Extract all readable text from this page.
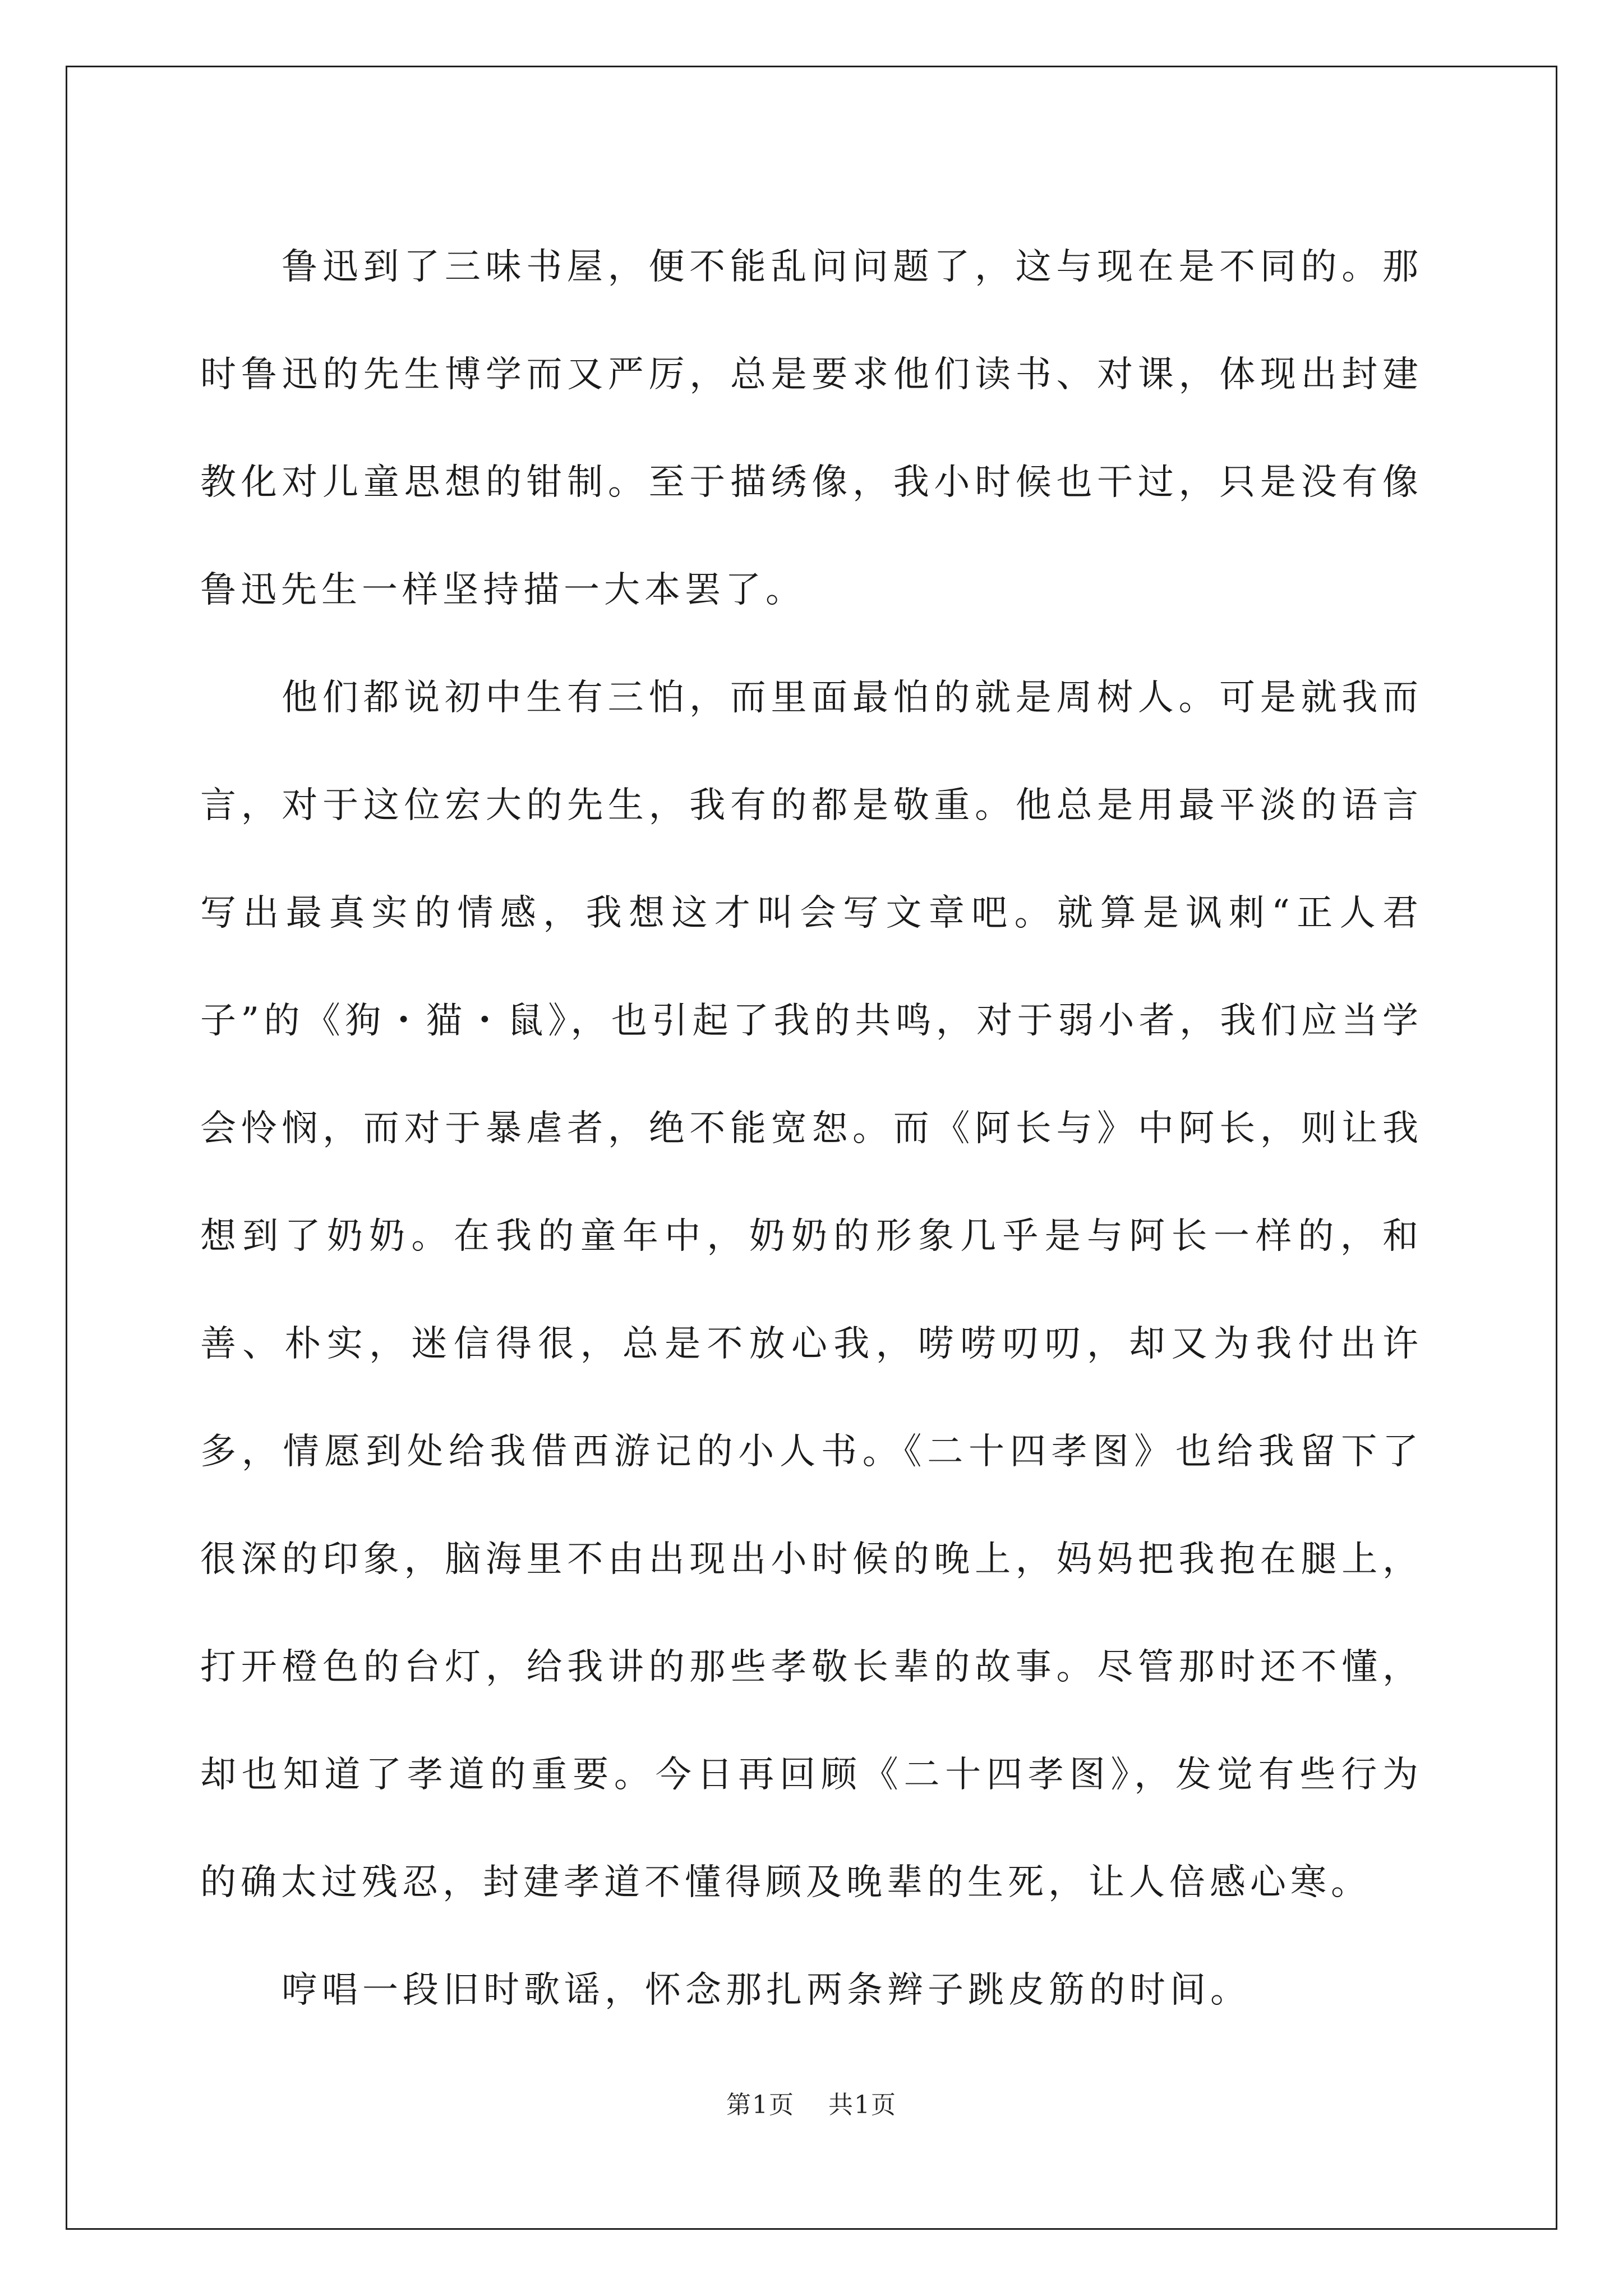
鲁迅到了三味书屋，便不能乱问问题了，这与现在是不同的。那时鲁迅的先生博学而又严厉，总是要求他们读书、对课，体现出封建教化对儿童思想的钳制。至于描绣像，我小时候也干过，只是没有像鲁迅先生一样坚持描一大本罢了。

他们都说初中生有三怕，而里面最怕的就是周树人。可是就我而言，对于这位宏大的先生，我有的都是敬重。他总是用最平淡的语言写出最真实的情感，我想这才叫会写文章吧。就算是讽刺“正人君子”的《狗・猫・鼠》，也引起了我的共鸣，对于弱小者，我们应当学会怜悯，而对于暴虐者，绝不能宽恕。而《阿长与》中阿长，则让我想到了奶奶。在我的童年中，奶奶的形象几乎是与阿长一样的，和善、朴实，迷信得很，总是不放心我，唠唠叨叨，却又为我付出许多，情愿到处给我借西游记的小人书。《二十四孝图》也给我留下了很深的印象，脑海里不由出现出小时候的晚上，妈妈把我抱在腿上，打开橙色的台灯，给我讲的那些孝敬长辈的故事。尽管那时还不懂，却也知道了孝道的重要。今日再回顾《二十四孝图》，发觉有些行为的确太过残忍，封建孝道不懂得顾及晚辈的生死，让人倍感心寒。

哼唱一段旧时歌谣，怀念那扎两条辫子跳皮筋的时间。

第1页 共1页
